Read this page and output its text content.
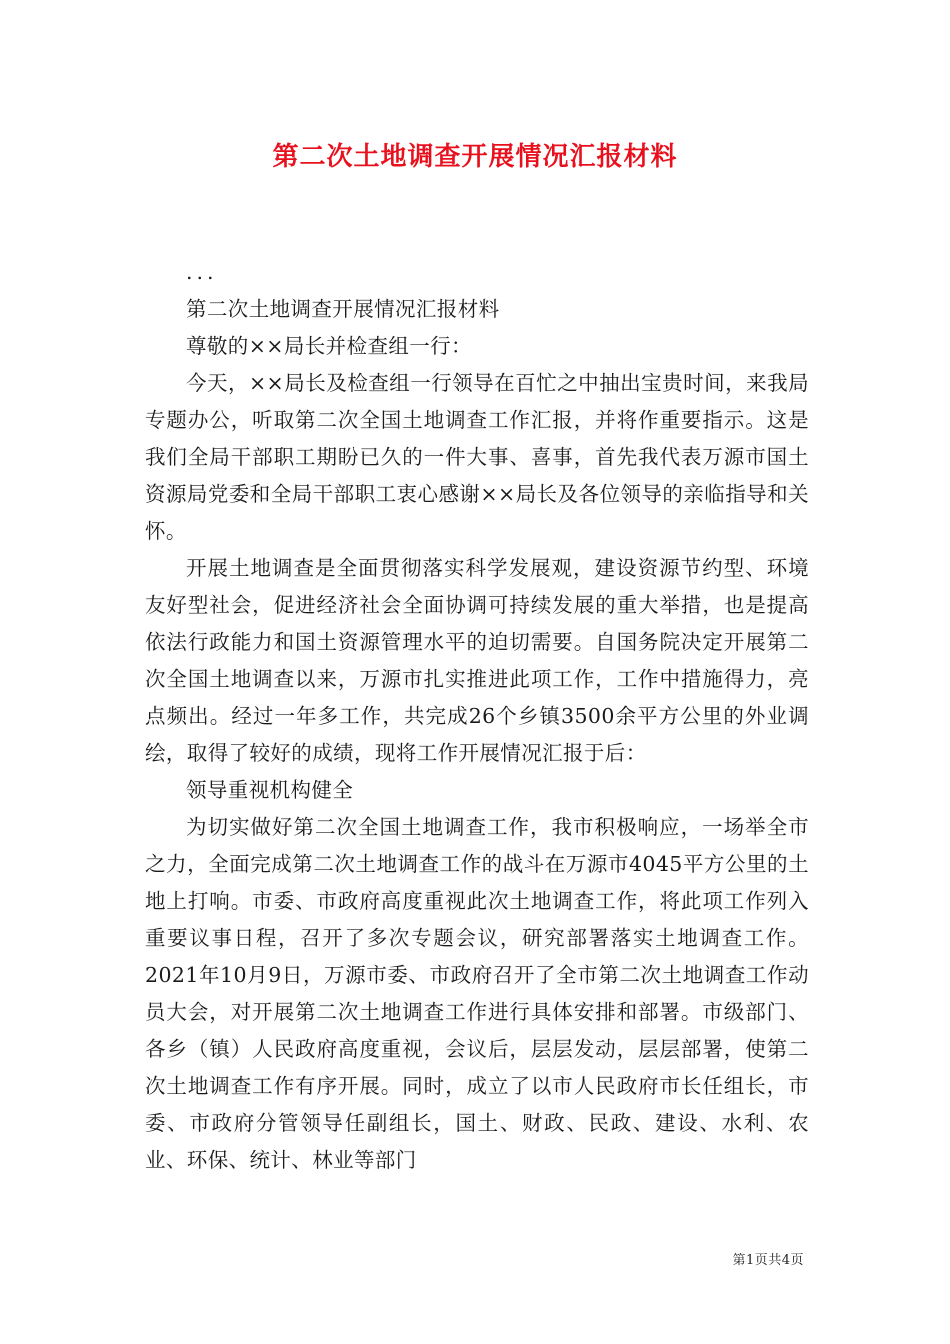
第二次土地调查开展情况汇报材料

...

第二次土地调查开展情况汇报材料

尊敬的××局长并检查组一行：

今天，××局长及检查组一行领导在百忙之中抽出宝贵时间，来我局专题办公，听取第二次全国土地调查工作汇报，并将作重要指示。这是我们全局干部职工期盼已久的一件大事、喜事，首先我代表万源市国土资源局党委和全局干部职工衷心感谢××局长及各位领导的亲临指导和关怀。

开展土地调查是全面贯彻落实科学发展观，建设资源节约型、环境友好型社会，促进经济社会全面协调可持续发展的重大举措，也是提高依法行政能力和国土资源管理水平的迫切需要。自国务院决定开展第二次全国土地调查以来，万源市扎实推进此项工作，工作中措施得力，亮点频出。经过一年多工作，共完成26个乡镇3500余平方公里的外业调绘，取得了较好的成绩，现将工作开展情况汇报于后：

领导重视机构健全

为切实做好第二次全国土地调查工作，我市积极响应，一场举全市之力，全面完成第二次土地调查工作的战斗在万源市4045平方公里的土地上打响。市委、市政府高度重视此次土地调查工作，将此项工作列入重要议事日程，召开了多次专题会议，研究部署落实土地调查工作。2021年10月9日，万源市委、市政府召开了全市第二次土地调查工作动员大会，对开展第二次土地调查工作进行具体安排和部署。市级部门、各乡（镇）人民政府高度重视，会议后，层层发动，层层部署，使第二次土地调查工作有序开展。同时，成立了以市人民政府市长任组长，市委、市政府分管领导任副组长，国土、财政、民政、建设、水利、农业、环保、统计、林业等部门

第1页共4页
